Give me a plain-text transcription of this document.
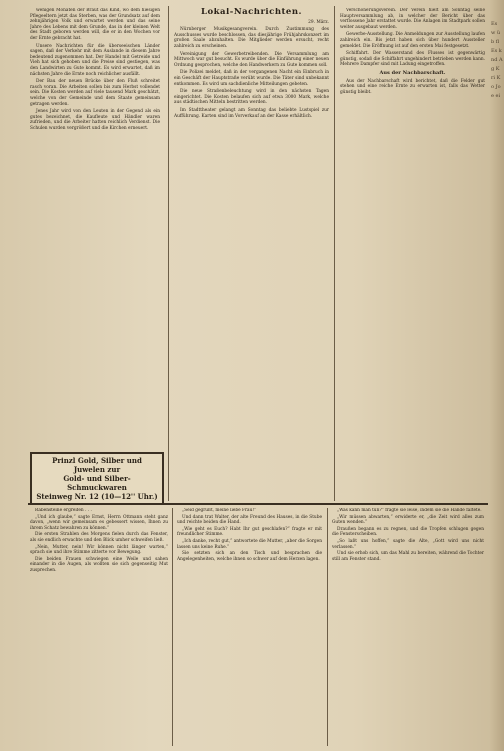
wenigen Monaten der Braut das Kind, wo dem hiesigen Pflegeeltern jetzt das Sterben, was der Grundsatz auf dem zehnjährigen Volk und erwartet werden und das seine Jahre des Lebens mit dem Grunde, das in der kleinen Welt des Stadt geboren werden will, die er in den Wochen vor der Ernte gebracht hat.

Unsere Nachrichten für die überseeischen Länder sagen, daß der Verkehr mit dem Auslande in diesem Jahre bedeutend zugenommen hat. Der Handel mit Getreide und Vieh hat sich gehoben und die Preise sind gestiegen, was den Landwirten zu Gute kommt. Es wird erwartet, daß im nächsten Jahre die Ernte noch reichlicher ausfällt.

Der Bau der neuen Brücke über den Fluß schreitet rasch voran. Die Arbeiten sollen bis zum Herbst vollendet sein. Die Kosten werden auf viele tausend Mark geschätzt, welche von der Gemeinde und dem Staate gemeinsam getragen werden.

Jenes Jahr wird von den Leuten in der Gegend als ein gutes bezeichnet, die Kaufleute und Händler waren zufrieden, und die Arbeiter hatten reichlich Verdienst. Die Schulen wurden vergrößert und die Kirchen erneuert.

Prinzl Gold, Silber und Juwelen zur
Gold- und Silber-Schmuckwaren
Steinweg Nr. 12 (10—12'' Uhr.)
Lokal-Nachrichten.
29. März.

Nürnberger Musikgesangverein. Durch Zustimmung des Ausschusses wurde beschlossen, das diesjährige Frühjahrskonzert im großen Saale abzuhalten. Die Mitglieder werden ersucht, recht zahlreich zu erscheinen.

Vereinigung der Gewerbetreibenden. Die Versammlung am Mittwoch war gut besucht. Es wurde über die Einführung einer neuen Ordnung gesprochen, welche den Handwerkern zu Gute kommen soll.

Die Polizei meldet, daß in der vergangenen Nacht ein Einbruch in ein Geschäft der Hauptstraße verübt wurde. Die Täter sind unbekannt entkommen. Es wird um sachdienliche Mitteilungen gebeten.

Die neue Straßenbeleuchtung wird in den nächsten Tagen eingerichtet. Die Kosten belaufen sich auf etwa 3000 Mark, welche aus städtischen Mitteln bestritten werden.

Im Stadttheater gelangt am Sonntag das beliebte Lustspiel zur Aufführung. Karten sind im Vorverkauf an der Kasse erhältlich.

Verschönerungsverein. Der Verein hielt am Sonntag seine Hauptversammlung ab, in welcher der Bericht über das verflossene Jahr erstattet wurde. Die Anlagen im Stadtpark sollen weiter ausgebaut werden.

Gewerbe-Ausstellung. Die Anmeldungen zur Ausstellung laufen zahlreich ein. Bis jetzt haben sich über hundert Aussteller gemeldet. Die Eröffnung ist auf den ersten Mai festgesetzt.

Schiffahrt. Der Wasserstand des Flusses ist gegenwärtig günstig, sodaß die Schiffahrt ungehindert betrieben werden kann. Mehrere Dampfer sind mit Ladung eingetroffen.

Aus der Nachbarschaft.

Aus der Nachbarschaft wird berichtet, daß die Felder gut stehen und eine reiche Ernte zu erwarten ist, falls das Wetter günstig bleibt.

Rabensteine ergreifen . . .

„Und ich glaube,“ sagte Ernst, Herrn Ottmann steht ganz davon, „wenn wir gemeinsam es gebessert wissen, Ihnen zu ihrem Schatz bewahren zu können.“

Die ersten Strahlen des Morgens fielen durch das Fenster, als sie endlich erwachte und den Blick umher schweifen ließ.

„Nein, Mutter, nein! Wir können nicht länger warten,“ sprach sie und ihre Stimme zitterte vor Bewegung.

Die beiden Frauen schwiegen eine Weile und sahen einander in die Augen, als wollten sie sich gegenseitig Mut zusprechen.

„Seid gegrüßt, meine liebe Frau!“

Und dann trat Walter, der alte Freund des Hauses, in die Stube und reichte beiden die Hand.

„Wie geht es Euch? Habt Ihr gut geschlafen?“ fragte er mit freundlicher Stimme.

„Ich danke, recht gut,“ antwortete die Mutter, „aber die Sorgen lassen uns keine Ruhe.“

Sie setzten sich an den Tisch und besprachen die Angelegenheiten, welche ihnen so schwer auf dem Herzen lagen.

„Was kann man tun?“ fragte sie leise, indem sie die Hände faltete.

„Wir müssen abwarten,“ erwiderte er, „die Zeit wird alles zum Guten wenden.“

Draußen begann es zu regnen, und die Tropfen schlugen gegen die Fensterscheiben.

„So laßt uns hoffen,“ sagte die Alte, „Gott wird uns nicht verlassen.“

Und sie erhob sich, um das Mahl zu bereiten, während die Tochter still am Fenster stand.

Es w üb fl Es k nd Ag K ri Ko Jo e ei
